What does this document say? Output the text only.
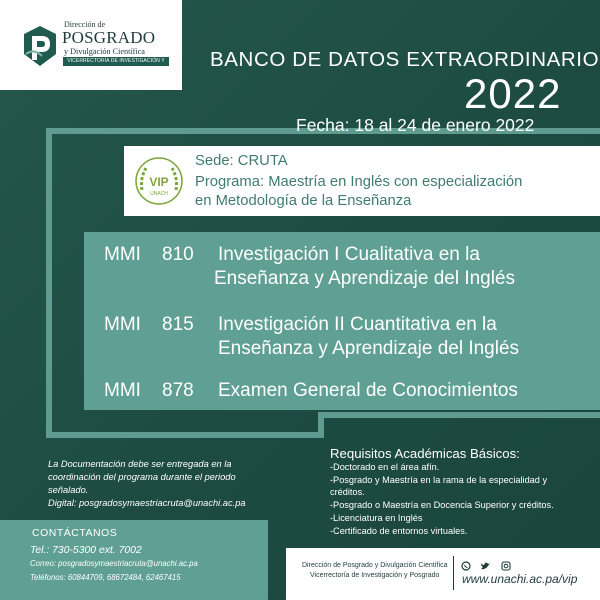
Dirección de
POSGRADO
y Divulgación Científica
VICERRECTORÍA DE INVESTIGACIÓN Y POSGRADO	BANCO DE DATOS EXTRAORDINARIO
2022
Fecha: 18 al 24 de enero 2022
VIP
UNACH
Sede: CRUTA
Programa: Maestría en Inglés con especialización
en Metodología de la Enseñanza
MMI 810 Investigación I Cualitativa en la
Enseñanza y Aprendizaje del Inglés
MMI 815 Investigación II Cuantitativa en la
Enseñanza y Aprendizaje del Inglés
MMI 878 Examen General de Conocimientos
La Documentación debe ser entregada en la
coordinación del programa durante el periodo
señalado.
Digital: posgradosymaestriacruta@unachi.ac.pa
Requisitos Académicas Básicos:
-Doctorado en el área afín.
-Posgrado y Maestría en la rama de la especialidad y
créditos.
-Posgrado o Maestría en Docencia Superior y créditos.
-Licenciatura en Inglés
-Certificado de entornos virtuales.
CONTÁCTANOS
Tel.: 730-5300 ext. 7002
Correo: posgradosymaestriacruta@unachi.ac.pa
Teléfonos: 60844709, 68672484, 62467415
Dirección de Posgrado y Divulgación Científica
Vicerrectoría de Investigación y Posgrado
www.unachi.ac.pa/vip
